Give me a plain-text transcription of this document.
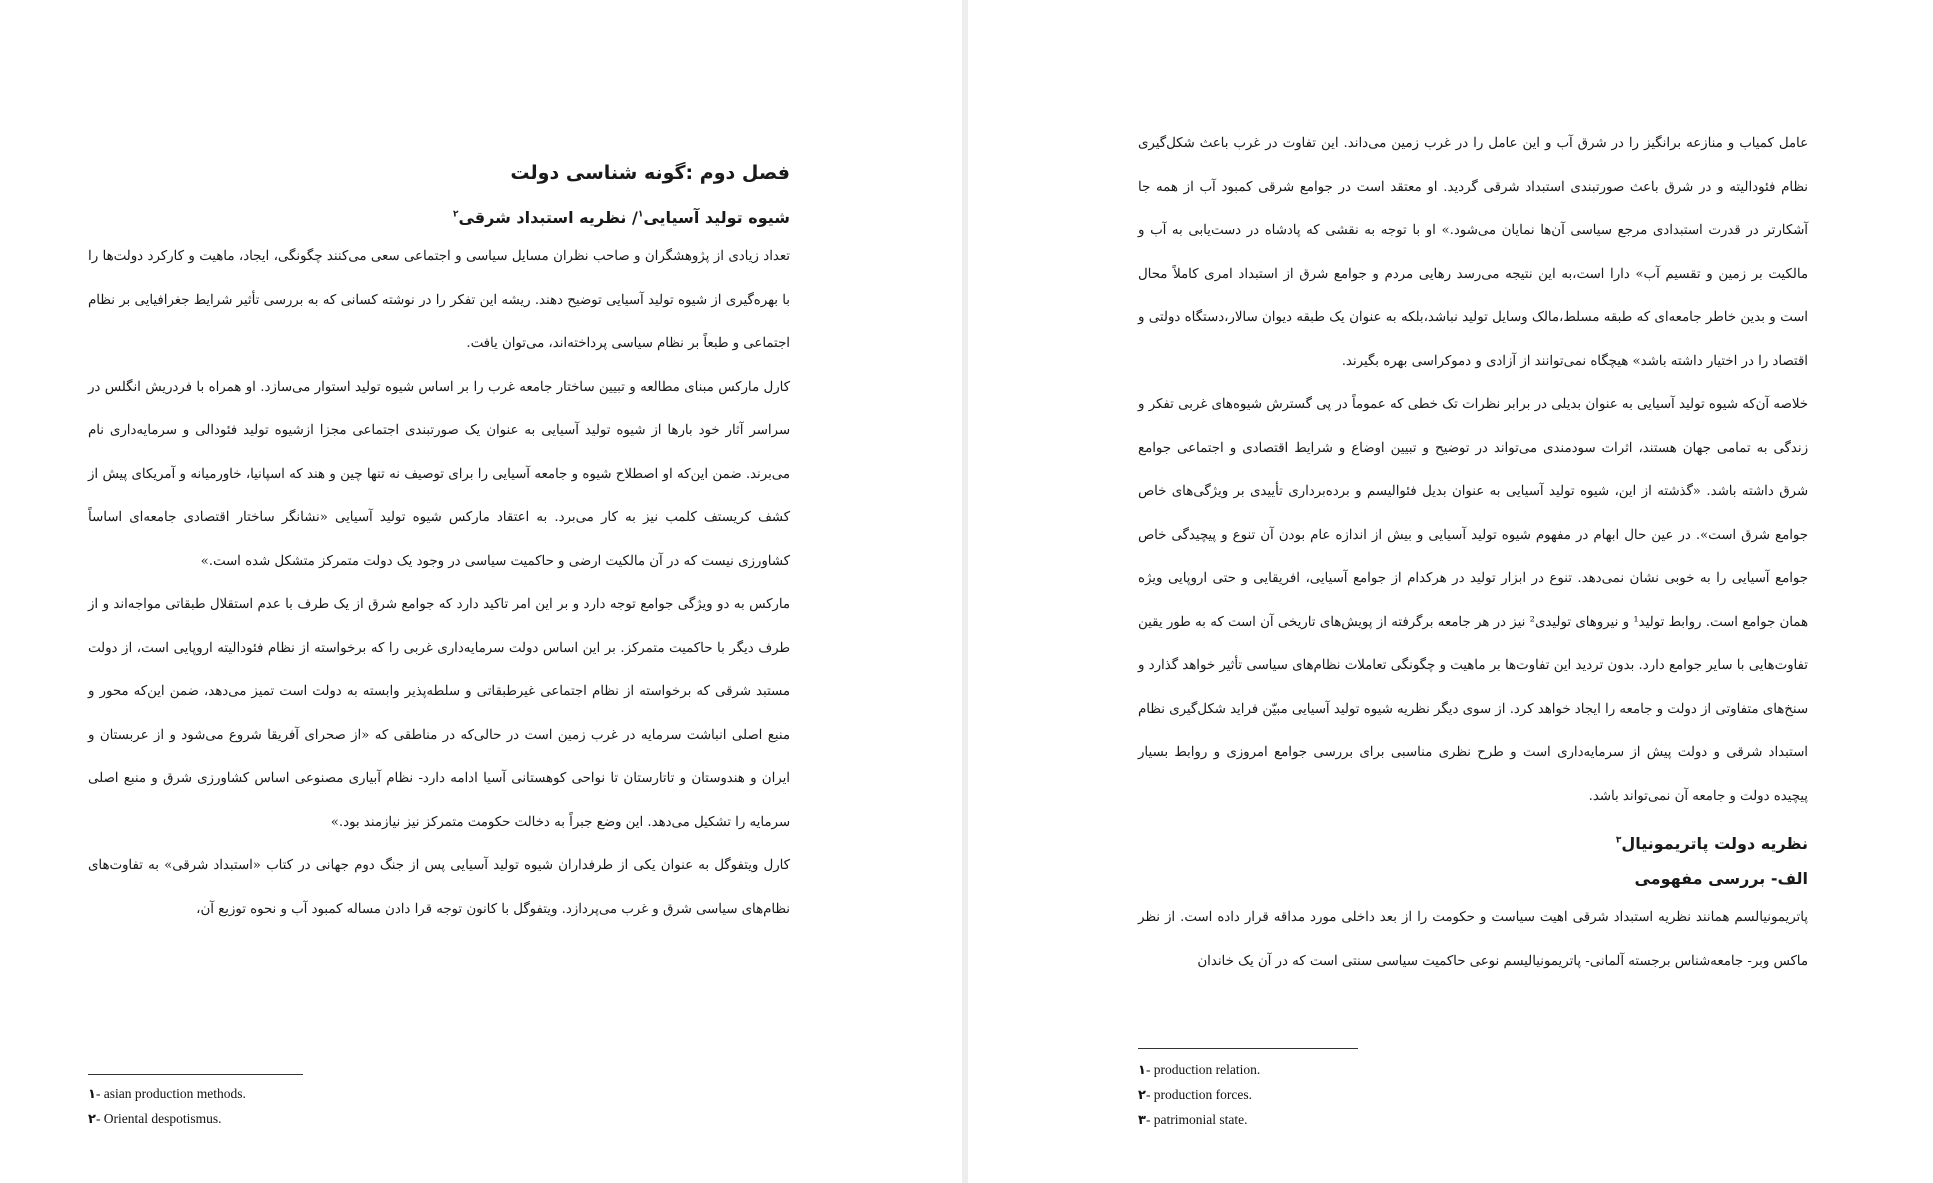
فصل دوم :گونه شناسی دولت
شیوه تولید آسیایی$^۱$/ نظریه استبداد شرقی$^۲$

تعداد زیادی از پژوهشگران و صاحب نظران مسایل سیاسی و اجتماعی سعی می‌کنند چگونگی، ایجاد، ماهیت و کارکرد دولت‌ها را با بهره‌گیری از شیوه تولید آسیایی توضیح دهند. ریشه این تفکر را در نوشته کسانی که به بررسی تأثیر شرایط جغرافیایی بر نظام اجتماعی و طبعاً بر نظام سیاسی پرداخته‌اند، می‌توان یافت.

کارل مارکس مبنای مطالعه و تبیین ساختار جامعه غرب را بر اساس شیوه تولید استوار می‌سازد. او همراه با فردریش انگلس در سراسر آثار خود بارها از شیوه تولید آسیایی به عنوان یک صورتبندی اجتماعی مجزا ازشیوه تولید فئودالی و سرمایه‌داری نام می‌برند. ضمن این‌که او اصطلاح شیوه و جامعه آسیایی را برای توصیف نه تنها چین و هند که اسپانیا، خاورمیانه و آمریکای پیش از کشف کریستف کلمب نیز به کار می‌برد. به اعتقاد مارکس شیوه تولید آسیایی «نشانگر ساختار اقتصادی جامعه‌ای اساساً کشاورزی نیست که در آن مالکیت ارضی و حاکمیت سیاسی در وجود یک دولت متمرکز متشکل شده است.»

مارکس به دو ویژگی جوامع توجه دارد و بر این امر تاکید دارد که جوامع شرق از یک طرف با عدم استقلال طبقاتی مواجه‌اند و از طرف دیگر با حاکمیت متمرکز. بر این اساس دولت سرمایه‌داری غربی را که برخواسته از نظام فئودالیته اروپایی است، از دولت مستبد شرقی که برخواسته از نظام اجتماعی غیرطبقاتی و سلطه‌پذیر وابسته به دولت است تمیز می‌دهد، ضمن این‌که محور و منبع اصلی انباشت سرمایه در غرب زمین است در حالی‌که در مناطقی که «از صحرای آفریقا شروع می‌شود و از عربستان و ایران و هندوستان و تاتارستان تا نواحی کوهستانی آسیا ادامه دارد- نظام آبیاری مصنوعی اساس کشاورزی شرق و منبع اصلی سرمایه را تشکیل می‌دهد. این وضع جبراً به دخالت حکومت متمرکز نیز نیازمند بود.»

کارل ویتفوگل به عنوان یکی از طرفداران شیوه تولید آسیایی پس از جنگ دوم جهانی در کتاب «استبداد شرقی» به تفاوت‌های نظام‌های سیاسی شرق و غرب می‌پردازد. ویتفوگل با کانون توجه قرا دادن مساله کمبود آب و نحوه توزیع آن،

۱- asian production methods.
۲- Oriental despotismus.

عامل کمیاب و منازعه برانگیز را در شرق آب و این عامل را در غرب زمین می‌داند. این تفاوت در غرب باعث شکل‌گیری نظام فئودالیته و در شرق باعث صورتبندی استبداد شرقی گردید. او معتقد است در جوامع شرقی کمبود آب از همه جا آشکارتر در قدرت استبدادی مرجع سیاسی آن‌ها نمایان می‌شود.» او با توجه به نقشی که پادشاه در دست‌یابی به آب و مالکیت بر زمین و تقسیم آب» دارا است،به این نتیجه می‌رسد رهایی مردم و جوامع شرق از استبداد امری کاملاً محال است و بدین خاطر جامعه‌ای که طبقه مسلط،مالک وسایل تولید نباشد،بلکه به عنوان یک طبقه دیوان سالار،دستگاه دولتی و اقتصاد را در اختیار داشته باشد» هیچگاه نمی‌توانند از آزادی و دموکراسی بهره بگیرند.

خلاصه آن‌که شیوه تولید آسیایی به عنوان بدیلی در برابر نظرات تک خطی که عموماً در پی گسترش شیوه‌های غربی تفکر و زندگی به تمامی جهان هستند، اثرات سودمندی می‌تواند در توضیح و تبیین اوضاع و شرایط اقتصادی و اجتماعی جوامع شرق داشته باشد. «گذشته از این، شیوه تولید آسیایی به عنوان بدیل فئوالیسم و برده‌برداری تأییدی بر ویژگی‌های خاص جوامع شرق است». در عین حال ابهام در مفهوم شیوه تولید آسیایی و بیش از اندازه عام بودن آن تنوع و پیچیدگی خاص جوامع آسیایی را به خوبی نشان نمی‌دهد. تنوع در ابزار تولید در هرکدام از جوامع آسیایی، افریقایی و حتی اروپایی ویژه همان جوامع است. روابط تولید¹ و نیروهای تولیدی² نیز در هر جامعه برگرفته از پویش‌های تاریخی آن است که به طور یقین تفاوت‌هایی با سایر جوامع دارد. بدون تردید این تفاوت‌ها بر ماهیت و چگونگی تعاملات نظام‌های سیاسی تأثیر خواهد گذارد و سنخ‌های متفاوتی از دولت و جامعه را ایجاد خواهد کرد. از سوی دیگر نظریه شیوه تولید آسیایی مبیّن فراید شکل‌گیری نظام استبداد شرقی و دولت پیش از سرمایه‌داری است و طرح نظری مناسبی برای بررسی جوامع امروزی و روابط بسیار پیچیده دولت و جامعه آن نمی‌تواند باشد.

نظریه دولت پاتریمونیال$^۳$
الف- بررسی مفهومی

پاتریمونیالسم همانند نظریه استبداد شرقی اهیت سیاست و حکومت را از بعد داخلی مورد مداقه قرار داده است. از نظر ماکس وبر- جامعه‌شناس برجسته آلمانی- پاتریمونیالیسم نوعی حاکمیت سیاسی سنتی است که در آن یک خاندان

۱- production relation.
۲- production forces.
۳- patrimonial state.
